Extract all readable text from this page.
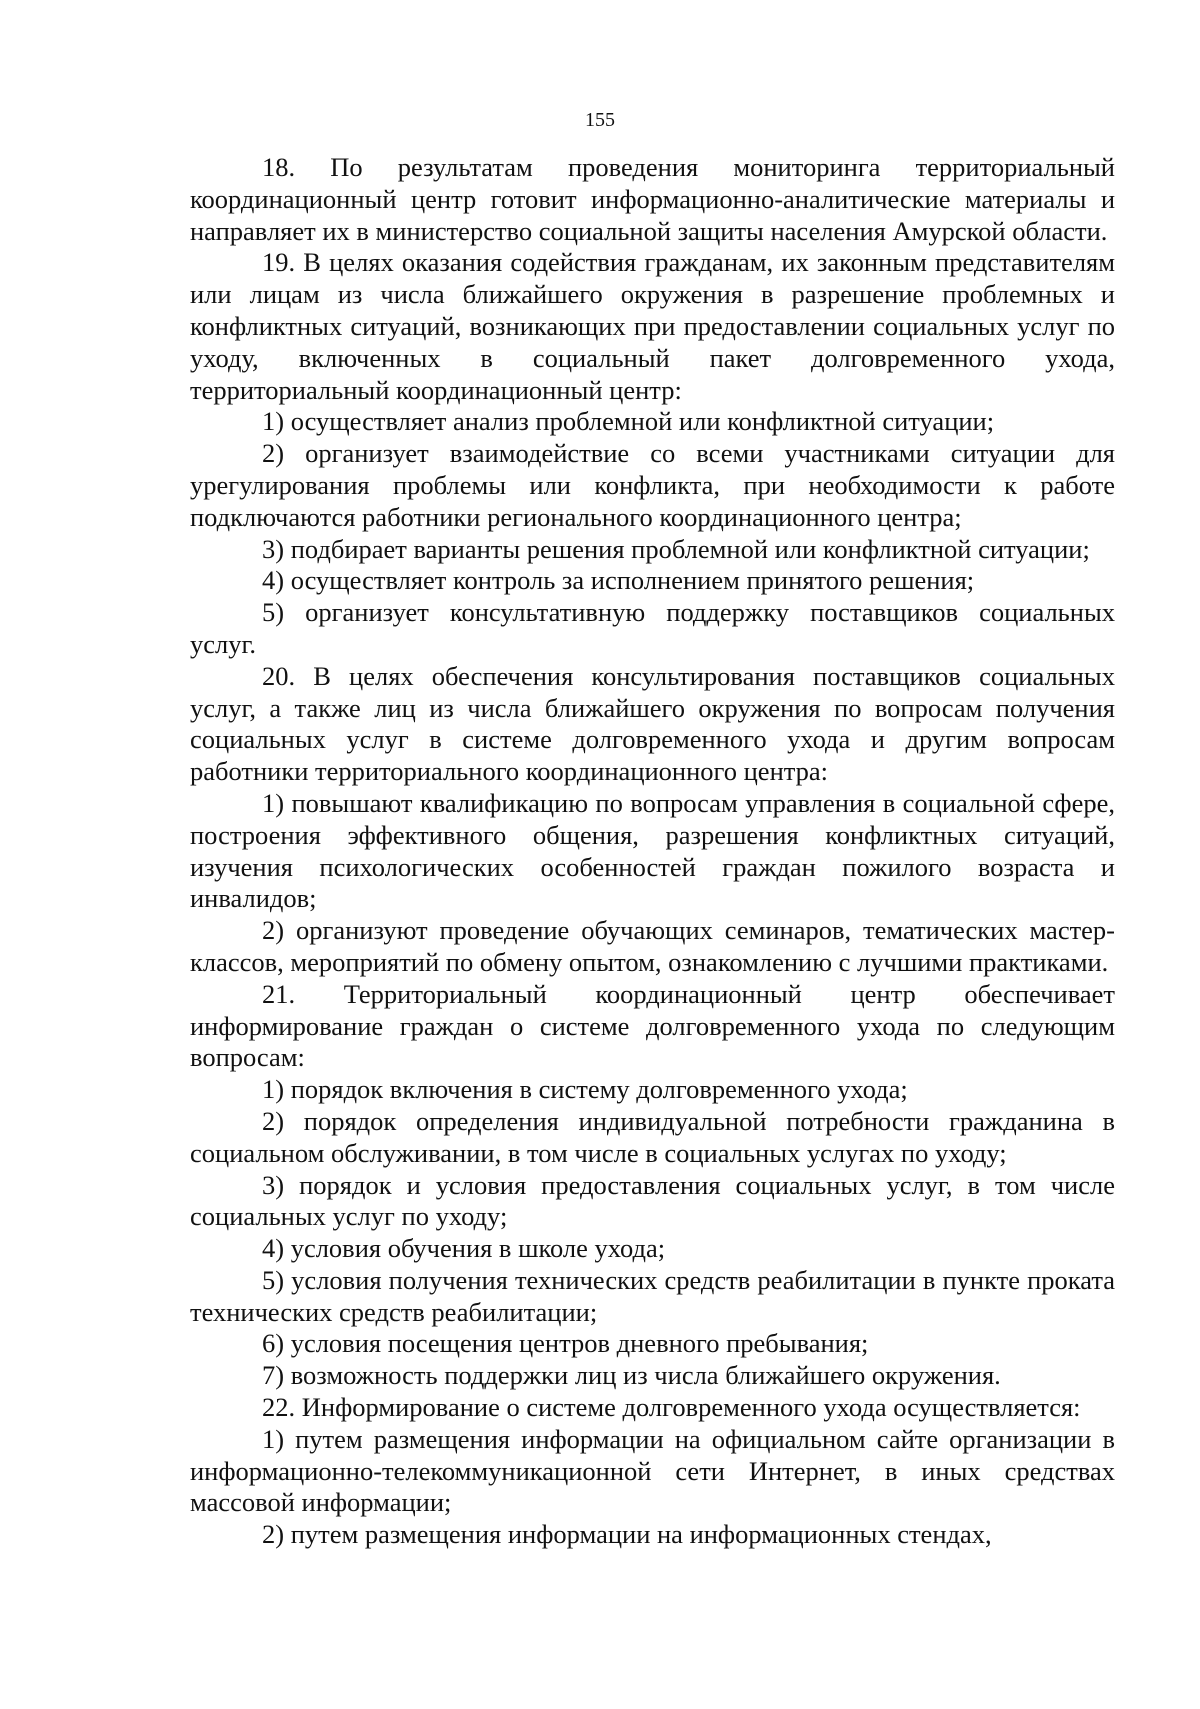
155

18. По результатам проведения мониторинга территориальный координационный центр готовит информационно-аналитические материалы и направляет их в министерство социальной защиты населения Амурской области.

19. В целях оказания содействия гражданам, их законным представителям или лицам из числа ближайшего окружения в разрешение проблемных и конфликтных ситуаций, возникающих при предоставлении социальных услуг по уходу, включенных в социальный пакет долговременного ухода, территориальный координационный центр:

1) осуществляет анализ проблемной или конфликтной ситуации;

2) организует взаимодействие со всеми участниками ситуации для урегулирования проблемы или конфликта, при необходимости к работе подключаются работники регионального координационного центра;

3) подбирает варианты решения проблемной или конфликтной ситуации;

4) осуществляет контроль за исполнением принятого решения;

5) организует консультативную поддержку поставщиков социальных услуг.

20. В целях обеспечения консультирования поставщиков социальных услуг, а также лиц из числа ближайшего окружения по вопросам получения социальных услуг в системе долговременного ухода и другим вопросам работники территориального координационного центра:

1) повышают квалификацию по вопросам управления в социальной сфере, построения эффективного общения, разрешения конфликтных ситуаций, изучения психологических особенностей граждан пожилого возраста и инвалидов;

2) организуют проведение обучающих семинаров, тематических мастер-классов, мероприятий по обмену опытом, ознакомлению с лучшими практиками.

21. Территориальный координационный центр обеспечивает информирование граждан о системе долговременного ухода по следующим вопросам:

1) порядок включения в систему долговременного ухода;

2) порядок определения индивидуальной потребности гражданина в социальном обслуживании, в том числе в социальных услугах по уходу;

3) порядок и условия предоставления социальных услуг, в том числе социальных услуг по уходу;

4) условия обучения в школе ухода;

5) условия получения технических средств реабилитации в пункте проката технических средств реабилитации;

6) условия посещения центров дневного пребывания;

7) возможность поддержки лиц из числа ближайшего окружения.

22. Информирование о системе долговременного ухода осуществляется:

1) путем размещения информации на официальном сайте организации в информационно-телекоммуникационной сети Интернет, в иных средствах массовой информации;

2) путем размещения информации на информационных стендах,
